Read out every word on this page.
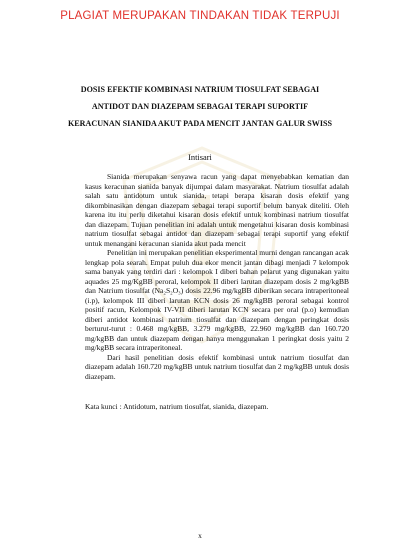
PLAGIAT MERUPAKAN TINDAKAN TIDAK TERPUJI
DOSIS EFEKTIF KOMBINASI NATRIUM TIOSULFAT SEBAGAI
ANTIDOT DAN DIAZEPAM SEBAGAI TERAPI SUPORTIF
KERACUNAN SIANIDA AKUT PADA MENCIT JANTAN GALUR SWISS
Intisari

Sianida merupakan senyawa racun yang dapat menyebabkan kematian dan kasus keracunan sianida banyak dijumpai dalam masyarakat. Natrium tiosulfat adalah salah satu antidotum untuk sianida, tetapi berapa kisaran dosis efektif yang dikombinasikan dengan diazepam sebagai terapi suportif belum banyak diteliti. Oleh karena itu itu perlu diketahui kisaran dosis efektif untuk kombinasi natrium tiosulfat dan diazepam. Tujuan penelitian ini adalah untuk mengetahui kisaran dosis kombinasi natrium tiosulfat sebagai antidot dan diazepam sebagai terapi suportif yang efektif untuk menangani keracunan sianida akut pada mencit

Penelitian ini merupakan penelitian eksperimental murni dengan rancangan acak lengkap pola searah. Empat puluh dua ekor mencit jantan dibagi menjadi 7 kelompok sama banyak yang terdiri dari : kelompok I diberi bahan pelarut yang digunakan yaitu aquades 25 mg/KgBB peroral, kelompok II diberi larutan diazepam dosis 2 mg/kgBB dan Natrium tiosulfat (Na₂S₂O₃) dosis 22.96 mg/kgBB diberikan secara intraperitoneal (i.p), kelompok III diberi larutan KCN dosis 26 mg/kgBB peroral sebagai kontrol positif racun, Kelompok IV-VII diberi larutan KCN secara per oral (p.o) kemudian diberi antidot kombinasi natrium tiosulfat dan diazepam dengan peringkat dosis berturut-turut : 0.468 mg/kgBB, 3.279 mg/kgBB, 22.960 mg/kgBB dan 160.720 mg/kgBB dan untuk diazepam dengan hanya menggunakan 1 peringkat dosis yaitu 2 mg/kgBB secara intraperitoneal.

Dari hasil penelitian dosis efektif kombinasi untuk natrium tiosulfat dan diazepam adalah 160.720 mg/kgBB untuk natrium tiosulfat dan 2 mg/kgBB untuk dosis diazepam.

Kata kunci : Antidotum, natrium tiosulfat, sianida, diazepam.

x
